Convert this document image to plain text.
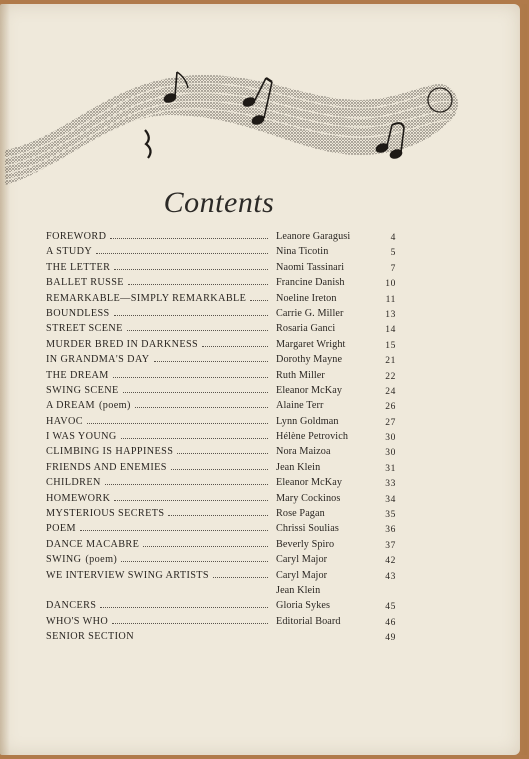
Contents
FOREWORD	Leanore Garagusi	4
A STUDY	Nina Ticotin	5
THE LETTER	Naomi Tassinari	7
BALLET RUSSE	Francine Danish	10
REMARKABLE—SIMPLY REMARKABLE	Noeline Ireton	11
BOUNDLESS	Carrie G. Miller	13
STREET SCENE	Rosaria Ganci	14
MURDER BRED IN DARKNESS	Margaret Wright	15
IN GRANDMA'S DAY	Dorothy Mayne	21
THE DREAM	Ruth Miller	22
SWING SCENE	Eleanor McKay	24
A DREAM (poem)	Alaine Terr	26
HAVOC	Lynn Goldman	27
I WAS YOUNG	Hélène Petrovich	30
CLIMBING IS HAPPINESS	Nora Maizoa	30
FRIENDS AND ENEMIES	Jean Klein	31
CHILDREN	Eleanor McKay	33
HOMEWORK	Mary Cockinos	34
MYSTERIOUS SECRETS	Rose Pagan	35
POEM	Chrissi Soulias	36
DANCE MACABRE	Beverly Spiro	37
SWING (poem)	Caryl Major	42
WE INTERVIEW SWING ARTISTS	Caryl Major	43
Jean Klein
DANCERS	Gloria Sykes	45
WHO'S WHO	Editorial Board	46
SENIOR SECTION	49
